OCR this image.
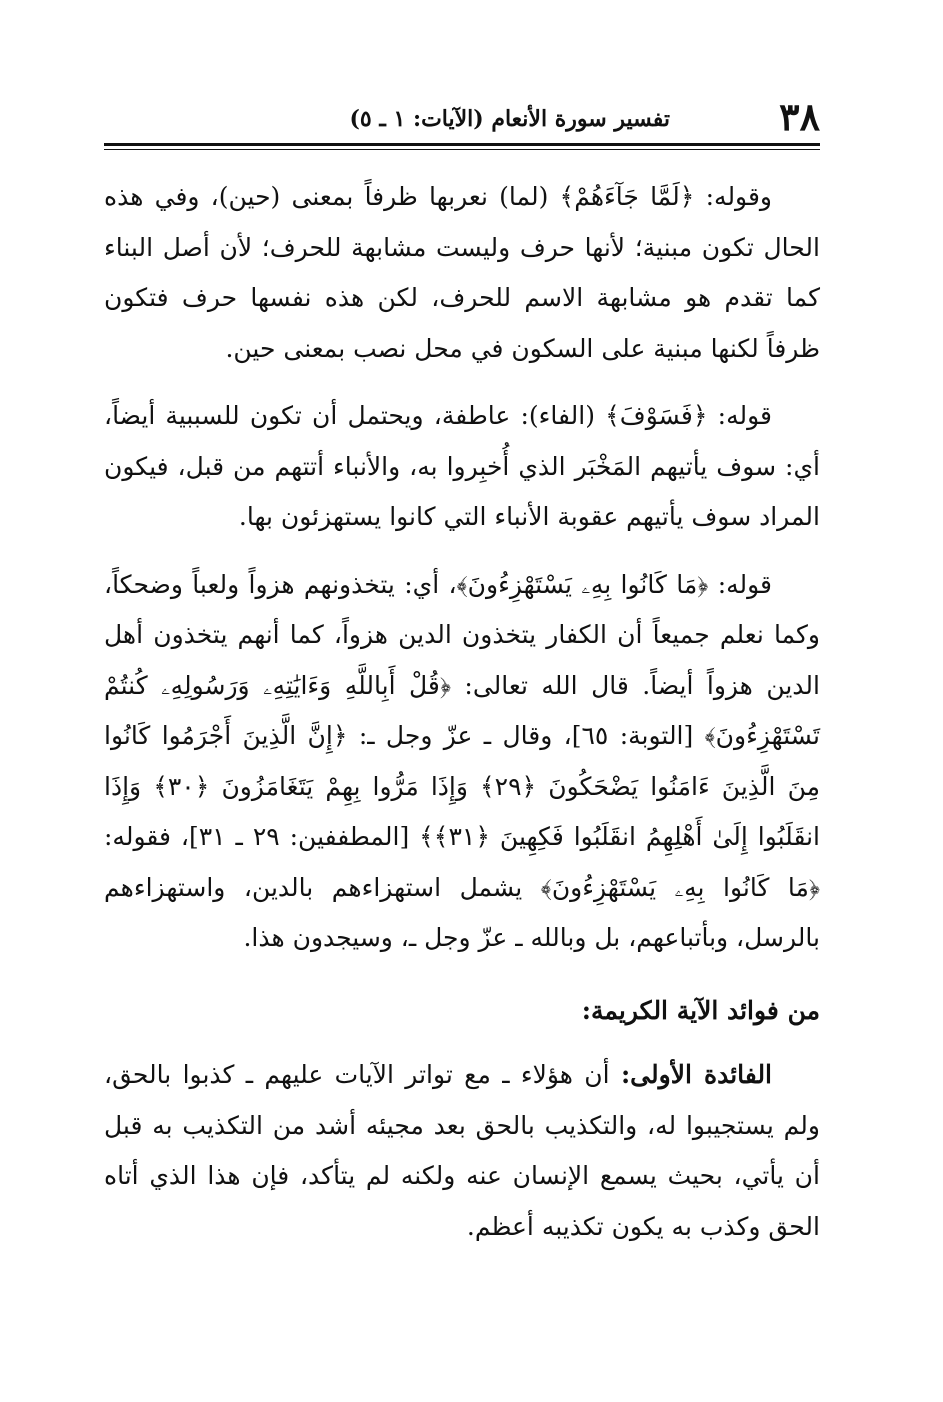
٣٨
تفسير سورة الأنعام (الآيات: ١ ـ ٥)

وقوله: ﴿لَمَّا جَآءَهُمْ﴾ (لما) نعربها ظرفاً بمعنى (حين)، وفي هذه الحال تكون مبنية؛ لأنها حرف وليست مشابهة للحرف؛ لأن أصل البناء كما تقدم هو مشابهة الاسم للحرف، لكن هذه نفسها حرف فتكون ظرفاً لكنها مبنية على السكون في محل نصب بمعنى حين.

قوله: ﴿فَسَوْفَ﴾ (الفاء): عاطفة، ويحتمل أن تكون للسببية أيضاً، أي: سوف يأتيهم المَخْبَر الذي أُخبِروا به، والأنباء أتتهم من قبل، فيكون المراد سوف يأتيهم عقوبة الأنباء التي كانوا يستهزئون بها.

قوله: ﴿مَا كَانُوا بِهِۦ يَسْتَهْزِءُونَ﴾، أي: يتخذونهم هزواً ولعباً وضحكاً، وكما نعلم جميعاً أن الكفار يتخذون الدين هزواً، كما أنهم يتخذون أهل الدين هزواً أيضاً. قال الله تعالى: ﴿قُلْ أَبِاللَّهِ وَءَايَٰتِهِۦ وَرَسُولِهِۦ كُنتُمْ تَسْتَهْزِءُونَ﴾ [التوبة: ٦٥]، وقال ـ عزّ وجل ـ: ﴿إِنَّ الَّذِينَ أَجْرَمُوا كَانُوا مِنَ الَّذِينَ ءَامَنُوا يَضْحَكُونَ ﴿٢٩﴾ وَإِذَا مَرُّوا بِهِمْ يَتَغَامَزُونَ ﴿٣٠﴾ وَإِذَا انقَلَبُوا إِلَىٰ أَهْلِهِمُ انقَلَبُوا فَكِهِينَ ﴿٣١﴾﴾ [المطففين: ٢٩ ـ ٣١]، فقوله: ﴿مَا كَانُوا بِهِۦ يَسْتَهْزِءُونَ﴾ يشمل استهزاءهم بالدين، واستهزاءهم بالرسل، وبأتباعهم، بل وبالله ـ عزّ وجل ـ، وسيجدون هذا.

من فوائد الآية الكريمة:

الفائدة الأولى: أن هؤلاء ـ مع تواتر الآيات عليهم ـ كذبوا بالحق، ولم يستجيبوا له، والتكذيب بالحق بعد مجيئه أشد من التكذيب به قبل أن يأتي، بحيث يسمع الإنسان عنه ولكنه لم يتأكد، فإن هذا الذي أتاه الحق وكذب به يكون تكذيبه أعظم.
